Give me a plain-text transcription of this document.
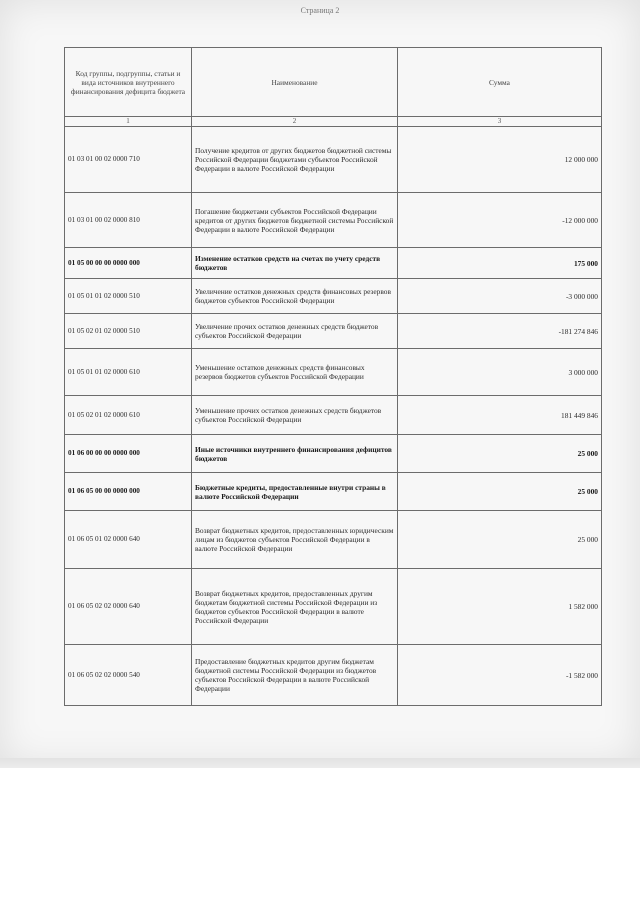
Страница 2
Код группы, подгруппы, статьи и вида источников внутреннего финансирования дефицита бюджета	Наименование	Сумма
1	2	3
01 03 01 00 02 0000 710	Получение кредитов от других бюджетов бюджетной системы Российской Федерации бюджетами субъектов Российской Федерации в валюте Российской Федерации	12 000 000
01 03 01 00 02 0000 810	Погашение бюджетами субъектов Российской Федерации кредитов от других бюджетов бюджетной системы Российской Федерации в валюте Российской Федерации	-12 000 000
01 05 00 00 00 0000 000	Изменение остатков средств на счетах по учету средств бюджетов	175 000
01 05 01 01 02 0000 510	Увеличение остатков денежных средств финансовых резервов бюджетов субъектов Российской Федерации	-3 000 000
01 05 02 01 02 0000 510	Увеличение прочих остатков денежных средств бюджетов субъектов Российской Федерации	-181 274 846
01 05 01 01 02 0000 610	Уменьшение остатков денежных средств финансовых резервов бюджетов субъектов Российской Федерации	3 000 000
01 05 02 01 02 0000 610	Уменьшение прочих остатков денежных средств бюджетов субъектов Российской Федерации	181 449 846
01 06 00 00 00 0000 000	Иные источники внутреннего финансирования дефицитов бюджетов	25 000
01 06 05 00 00 0000 000	Бюджетные кредиты, предоставленные внутри страны в валюте Российской Федерации	25 000
01 06 05 01 02 0000 640	Возврат бюджетных кредитов, предоставленных юридическим лицам из бюджетов субъектов Российской Федерации в валюте Российской Федерации	25 000
01 06 05 02 02 0000 640	Возврат бюджетных кредитов, предоставленных другим бюджетам бюджетной системы Российской Федерации из бюджетов субъектов Российской Федерации в валюте Российской Федерации	1 582 000
01 06 05 02 02 0000 540	Предоставление бюджетных кредитов другим бюджетам бюджетной системы Российской Федерации из бюджетов субъектов Российской Федерации в валюте Российской Федерации	-1 582 000
